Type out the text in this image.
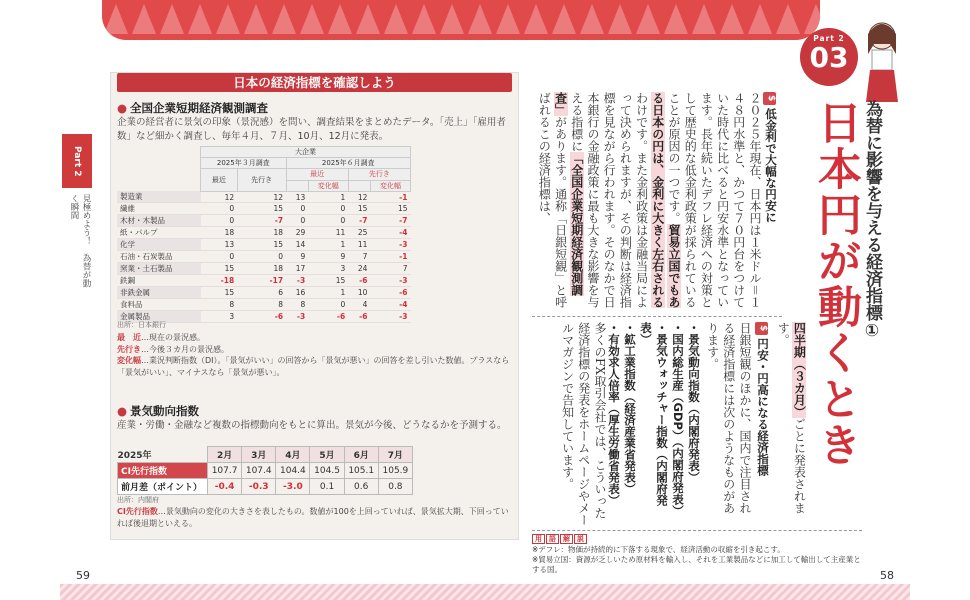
59	58
Part 2
見極めよう！　為替が動く瞬間
日本の経済指標を確認しよう
● 全国企業短期経済観測調査
企業の経営者に景気の印象（景況感）を問い、調査結果をまとめたデータ。「売上」「雇用者数」など細かく調査し、毎年４月、７月、10月、12月に発表。
	大企業					
	2025年３月調査		2025年６月調査			
	最近	先行き	最近		先行き	
				変化幅		変化幅
製造業	12	12	13	1	12	-1
繊維	0	15	0	0	15	15
木材・木製品	0	-7	0	0	-7	-7
紙・パルプ	18	18	29	11	25	-4
化学	13	15	14	1	11	-3
石油・石炭製品	0	0	9	9	7	-1
窯業・土石製品	15	18	17	3	24	7
鉄鋼	-18	-17	-3	15	-6	-3
非鉄金属	15	6	16	1	10	-6
食料品	8	8	8	0	4	-4
金属製品	3	-6	-3	-6	-6	-3
出所：日本銀行
最　近…現在の景況感。
先行き…今後３カ月の景況感。
変化幅…業況判断指数（DI）。「景気がいい」の回答から「景気が悪い」の回答を差し引いた数値。プラスなら「景気がいい」、マイナスなら「景気が悪い」。
● 景気動向指数
産業・労働・金融など複数の指標動向をもとに算出。景気が今後、どうなるかを予測する。
2025年	2月	3月	4月	5月	6月	7月
CI先行指数	107.7	107.4	104.4	104.5	105.1	105.9
前月差（ポイント）	-0.4	-0.3	-3.0	0.1	0.6	0.8
出所：内閣府
CI先行指数…景気動向の変化の大きさを表したもの。数値が100を上回っていれば、景気拡大期、下回っていれば後退期といえる。
Part 2
03
日本円が動くとき 為替に影響を与える経済指標①
$低金利で大幅な円安に
２０２５年現在、日本円は１米ドル＝１４８円水準と、かつて７０円台をつけていた時代に比べると円安水準となっています。長年続いたデフレ経済への対策として歴史的な低金利政策が採られていることが原因の一つです。貿易立国でもある日本の円は、金利に大きく左右されるわけです。また金利政策は金融当局によって決められますが、その判断は経済指標を見ながら行われます。そのなかで日本銀行の金融政策に最も大きな影響を与える指標に「全国企業短期経済観測調査」があります。通称「日銀短観」と呼ばれるこの経済指標は、
四半期（３カ月）ごとに発表されます。
$円安・円高になる経済指標
日銀短観のほかに、国内で注目される経済指標には次のようなものがあります。
・景気動向指数（内閣府発表）
・国内総生産（GDP）（内閣府発表）
・景気ウォッチャー指数（内閣府発表）
・鉱工業指数（経済産業省発表）
・有効求人倍率（厚生労働省発表）
多くのFX取引会社では、こういった経済指標の発表をホームページやメールマガジンで告知しています。
用 語 解 説
※デフレ：物価が持続的に下落する現象で、経済活動の収縮を引き起こす。
※貿易立国：資源が乏しいため原材料を輸入し、それを工業製品などに加工して輸出して主産業とする国。
